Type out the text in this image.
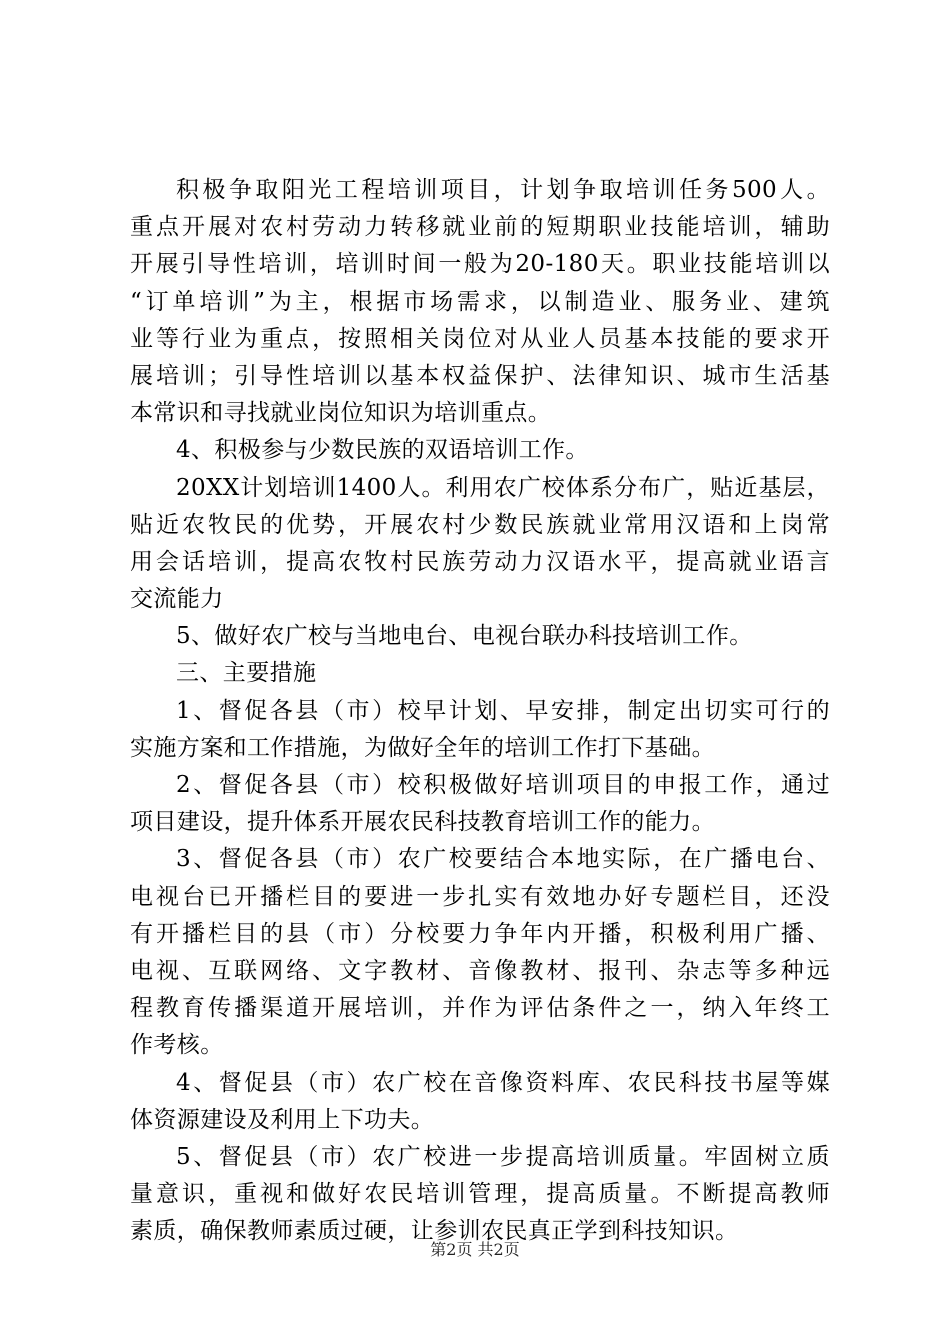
积极争取阳光工程培训项目，计划争取培训任务500人。
重点开展对农村劳动力转移就业前的短期职业技能培训，辅助
开展引导性培训，培训时间一般为20-180天。职业技能培训以
“订单培训”为主，根据市场需求，以制造业、服务业、建筑
业等行业为重点，按照相关岗位对从业人员基本技能的要求开
展培训；引导性培训以基本权益保护、法律知识、城市生活基
本常识和寻找就业岗位知识为培训重点。
4、积极参与少数民族的双语培训工作。
20XX计划培训1400人。利用农广校体系分布广，贴近基层，
贴近农牧民的优势，开展农村少数民族就业常用汉语和上岗常
用会话培训，提高农牧村民族劳动力汉语水平，提高就业语言
交流能力
5、做好农广校与当地电台、电视台联办科技培训工作。
三、主要措施
1、督促各县（市）校早计划、早安排，制定出切实可行的
实施方案和工作措施，为做好全年的培训工作打下基础。
2、督促各县（市）校积极做好培训项目的申报工作，通过
项目建设，提升体系开展农民科技教育培训工作的能力。
3、督促各县（市）农广校要结合本地实际，在广播电台、
电视台已开播栏目的要进一步扎实有效地办好专题栏目，还没
有开播栏目的县（市）分校要力争年内开播，积极利用广播、
电视、互联网络、文字教材、音像教材、报刊、杂志等多种远
程教育传播渠道开展培训，并作为评估条件之一，纳入年终工
作考核。
4、督促县（市）农广校在音像资料库、农民科技书屋等媒
体资源建设及利用上下功夫。
5、督促县（市）农广校进一步提高培训质量。牢固树立质
量意识，重视和做好农民培训管理，提高质量。不断提高教师
素质，确保教师素质过硬，让参训农民真正学到科技知识。
第2页 共2页
